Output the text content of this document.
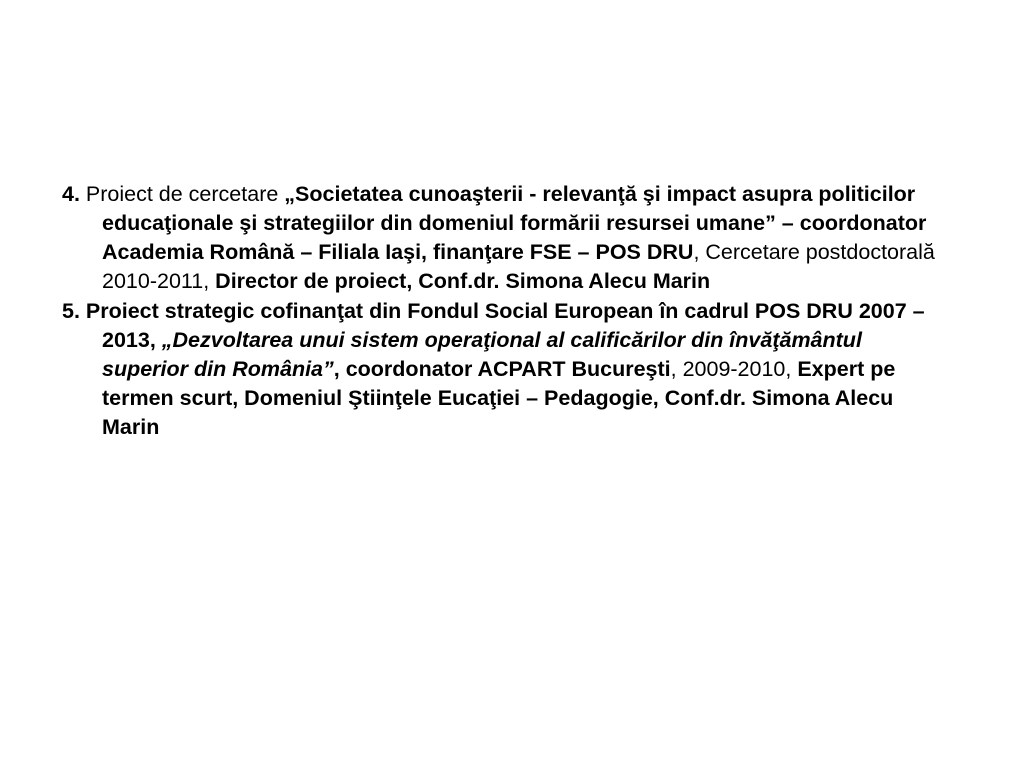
4. Proiect de cercetare „Societatea cunoaşterii - relevanţă şi impact asupra politicilor educaţionale şi strategiilor din domeniul formării resursei umane” – coordonator Academia Română – Filiala Iaşi, finanţare FSE – POS DRU, Cercetare postdoctorală 2010-2011, Director de proiect, Conf.dr. Simona Alecu Marin

5. Proiect strategic cofinanţat din Fondul Social European în cadrul POS DRU 2007 – 2013, „Dezvoltarea unui sistem operaţional al calificărilor din învăţământul superior din România”, coordonator ACPART Bucureşti, 2009-2010, Expert pe termen scurt, Domeniul Ştiinţele Eucaţiei – Pedagogie, Conf.dr. Simona Alecu Marin
